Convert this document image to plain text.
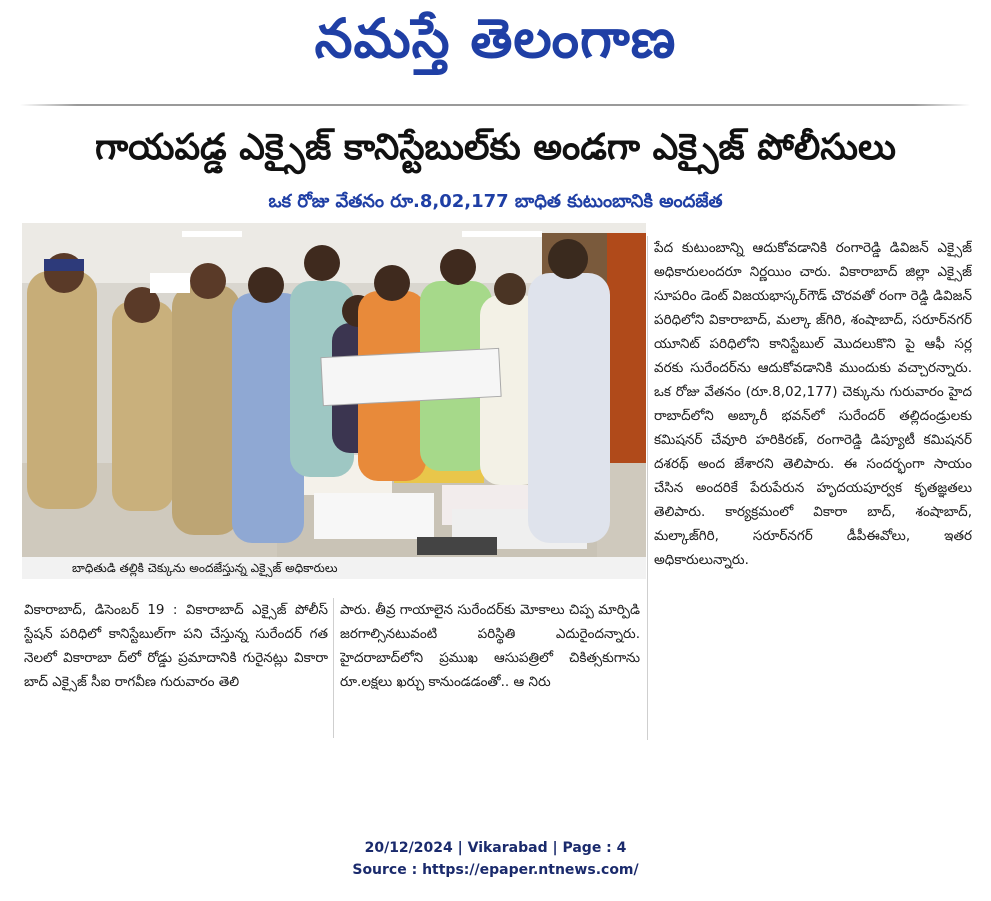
నమస్తే తెలంగాణ
గాయపడ్డ ఎక్సైజ్ కానిస్టేబుల్‌కు అండగా ఎక్సైజ్ పోలీసులు
ఒక రోజు వేతనం రూ.8,02,177 బాధిత కుటుంబానికి అందజేత
బాధితుడి తల్లికి చెక్కును అందజేస్తున్న ఎక్సైజ్ అధికారులు
పేద కుటుంబాన్ని ఆదుకోవడానికి రంగారెడ్డి డివిజన్ ఎక్సైజ్ అధికారులందరూ నిర్ణయిం చారు. వికారాబాద్ జిల్లా ఎక్సైజ్ సూపరిం డెంట్ విజయభాస్కర్‌గౌడ్ చొరవతో రంగా రెడ్డి డివిజన్ పరిధిలోని వికారాబాద్, మల్కా జ్‌గిరి, శంషాబాద్, సరూర్‌నగర్ యూనిట్ పరిధిలోని కానిస్టేబుల్ మొదలుకొని పై ఆఫీ సర్ల వరకు సురేందర్‌ను ఆదుకోవడానికి ముందుకు వచ్చారన్నారు. ఒక రోజు వేతనం (రూ.8,02,177) చెక్కును గురువారం హైద రాబాద్‌లోని అబ్కారీ భవన్‌లో సురేందర్ తల్లిదండ్రులకు కమిషనర్ చేవూరి హరికిరణ్, రంగారెడ్డి డిప్యూటీ కమిషనర్ దశరథ్ అంద జేశారని తెలిపారు. ఈ సందర్భంగా సాయం చేసిన అందరికే పేరుపేరున హృదయపూర్వక కృతజ్ఞతలు తెలిపారు. కార్యక్రమంలో వికారా బాద్, శంషాబాద్, మల్కాజ్‌గిరి, సరూర్‌నగర్ డీపీఈవోలు, ఇతర అధికారులున్నారు.
వికారాబాద్, డిసెంబర్ 19 : వికారాబాద్ ఎక్సైజ్ పోలీస్ స్టేషన్ పరిధిలో కానిస్టేబుల్‌గా పని చేస్తున్న సురేందర్ గత నెలలో వికారాబా ద్‌లో రోడ్డు ప్రమాదానికి గురైనట్లు వికారా బాద్ ఎక్సైజ్ సీఐ రాగవీణ గురువారం తెలి
పారు. తీవ్ర గాయాలైన సురేందర్‌కు మోకాలు చిప్ప మార్పిడి జరగాల్సినటువంటి పరిస్థితి ఎదురైందన్నారు. హైదరాబాద్‌లోని ప్రముఖ ఆసుపత్రిలో చికిత్సకుగాను రూ.లక్షలు ఖర్చు కానుండడంతో.. ఆ నిరు
20/12/2024 | Vikarabad | Page : 4
Source : https://epaper.ntnews.com/
